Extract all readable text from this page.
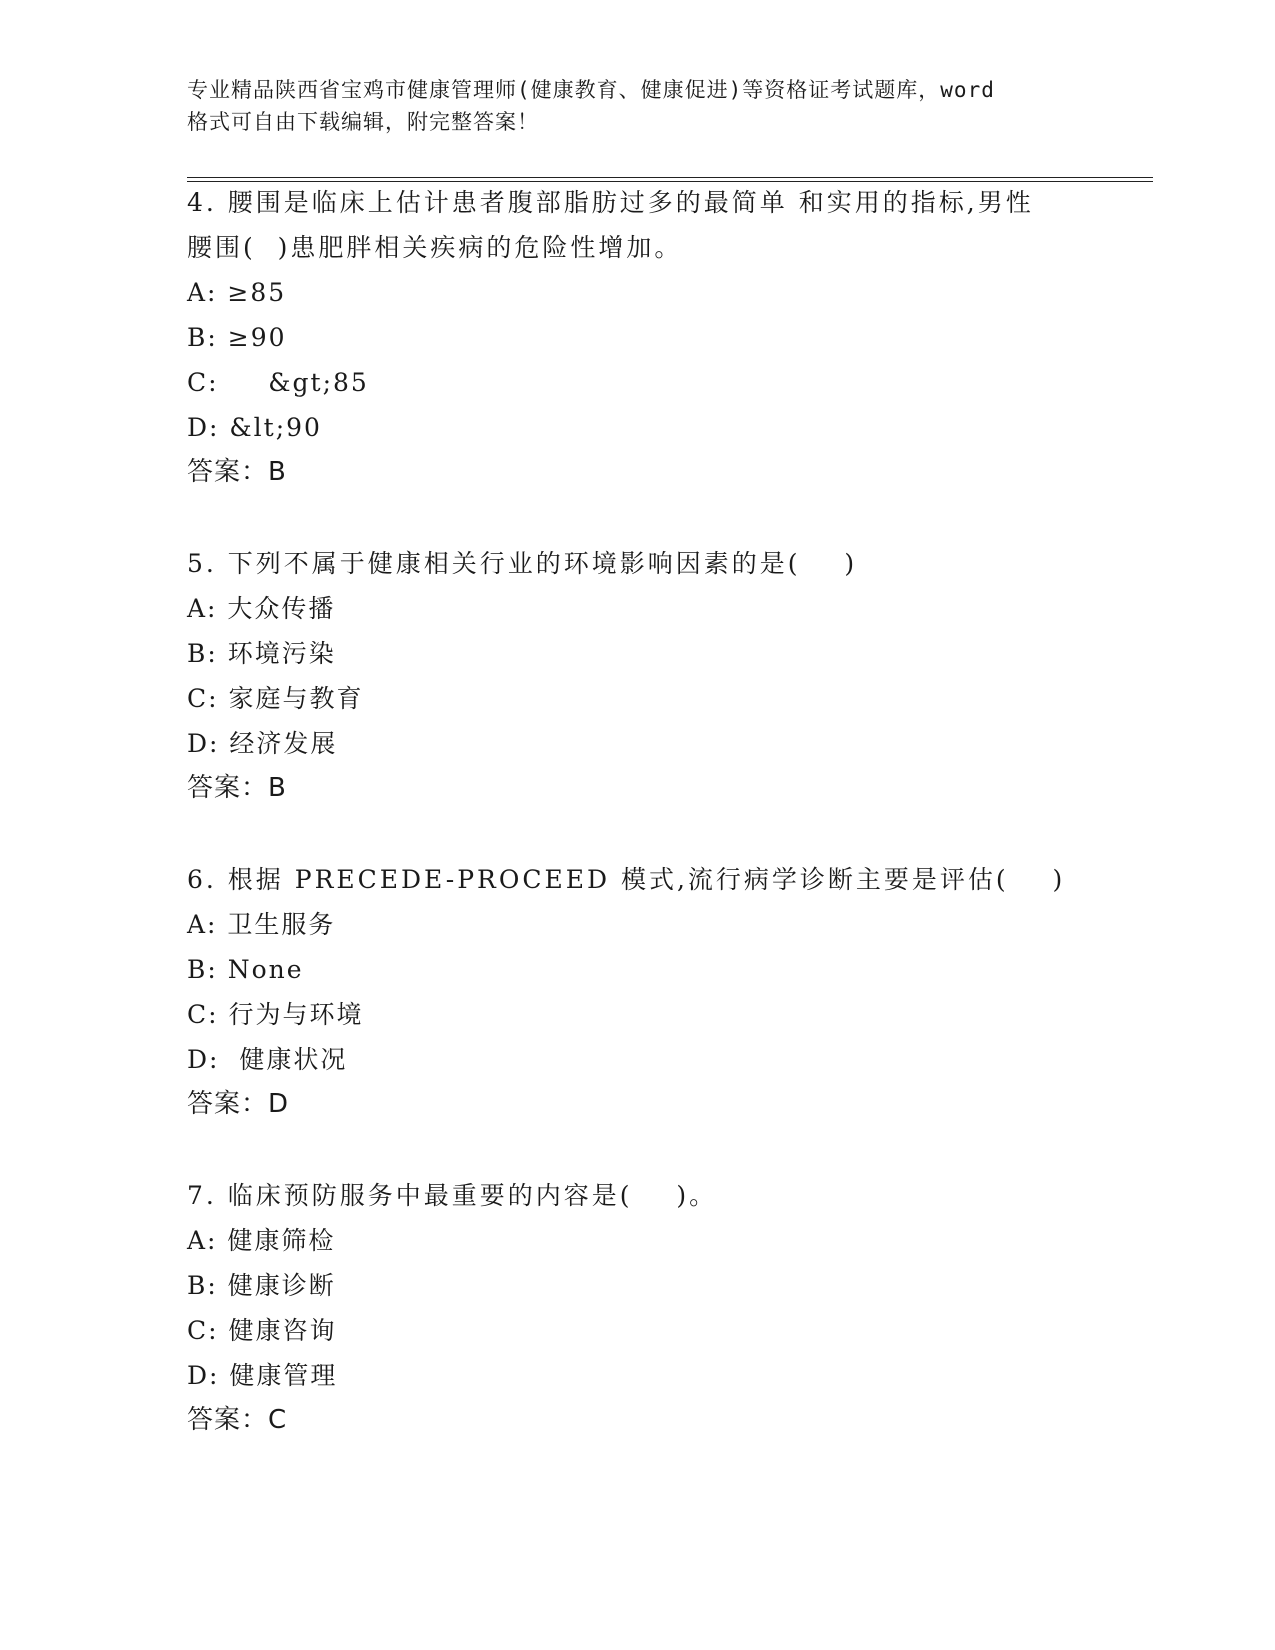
专业精品陕西省宝鸡市健康管理师(健康教育、健康促进)等资格证考试题库，word
格式可自由下载编辑，附完整答案！

4. 腰围是临床上估计患者腹部脂肪过多的最简单 和实用的指标,男性

腰围(  )患肥胖相关疾病的危险性增加。

A: ≥85

B: ≥90

C:     &gt;85

D: &lt;90

答案：B

5. 下列不属于健康相关行业的环境影响因素的是(    )

A: 大众传播

B: 环境污染

C: 家庭与教育

D: 经济发展

答案：B

6. 根据 PRECEDE-PROCEED 模式,流行病学诊断主要是评估(    )

A: 卫生服务

B: None

C: 行为与环境

D:  健康状况

答案：D

7. 临床预防服务中最重要的内容是(    )。

A: 健康筛检

B: 健康诊断

C: 健康咨询

D: 健康管理

答案：C
